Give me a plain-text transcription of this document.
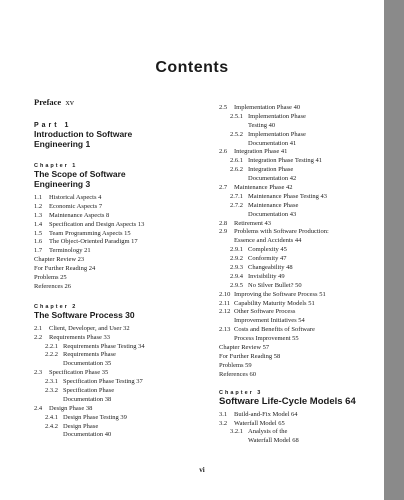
Contents
Preface xv
Part 1
Introduction to Software
Engineering 1
Chapter 1
The Scope of Software
Engineering 3
1.1 Historical Aspects 4
1.2 Economic Aspects 7
1.3 Maintenance Aspects 8
1.4 Specification and Design Aspects 13
1.5 Team Programming Aspects 15
1.6 The Object-Oriented Paradigm 17
1.7 Terminology 21
Chapter Review 23
For Further Reading 24
Problems 25
References 26
Chapter 2
The Software Process 30
2.1 Client, Developer, and User 32
2.2 Requirements Phase 33
2.2.1 Requirements Phase Testing 34
2.2.2 Requirements Phase
Documentation 35
2.3 Specification Phase 35
2.3.1 Specification Phase Testing 37
2.3.2 Specification Phase
Documentation 38
2.4 Design Phase 38
2.4.1 Design Phase Testing 39
2.4.2 Design Phase
Documentation 40
2.5 Implementation Phase 40
2.5.1 Implementation Phase
Testing 40
2.5.2 Implementation Phase
Documentation 41
2.6 Integration Phase 41
2.6.1 Integration Phase Testing 41
2.6.2 Integration Phase
Documentation 42
2.7 Maintenance Phase 42
2.7.1 Maintenance Phase Testing 43
2.7.2 Maintenance Phase
Documentation 43
2.8 Retirement 43
2.9 Problems with Software Production:
Essence and Accidents 44
2.9.1 Complexity 45
2.9.2 Conformity 47
2.9.3 Changeability 48
2.9.4 Invisibility 49
2.9.5 No Silver Bullet? 50
2.10 Improving the Software Process 51
2.11 Capability Maturity Models 51
2.12 Other Software Process
Improvement Initiatives 54
2.13 Costs and Benefits of Software
Process Improvement 55
Chapter Review 57
For Further Reading 58
Problems 59
References 60
Chapter 3
Software Life-Cycle Models 64
3.1 Build-and-Fix Model 64
3.2 Waterfall Model 65
3.2.1 Analysis of the
Waterfall Model 68
vi
